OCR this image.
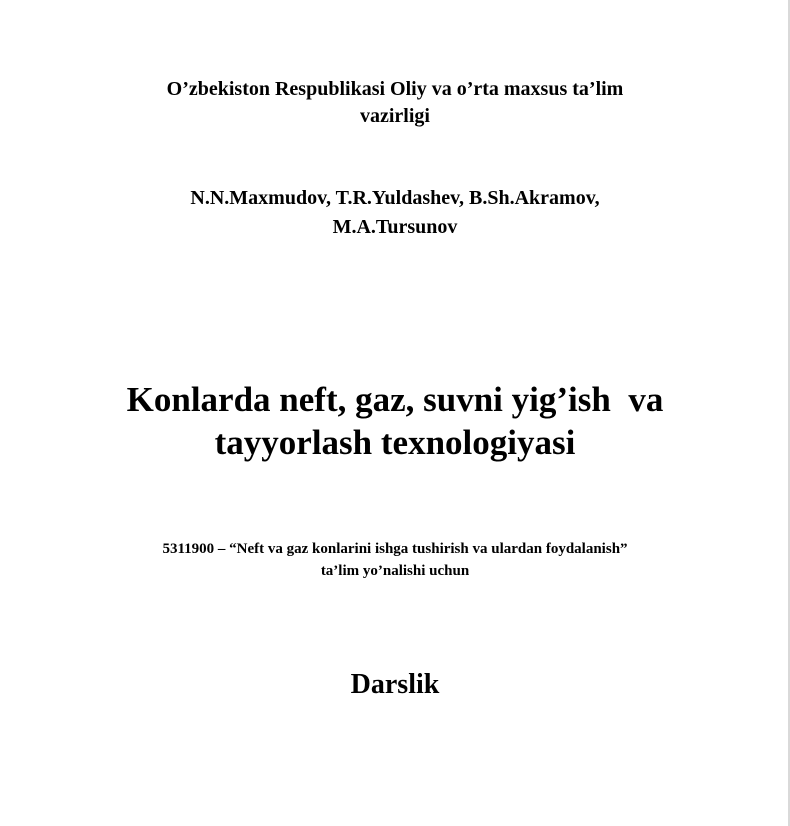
O’zbekiston Respublikasi Oliy va o’rta maxsus ta’lim
vazirligi
N.N.Maxmudov, T.R.Yuldashev, B.Sh.Akramov,
M.A.Tursunov
Konlarda neft, gaz, suvni yig’ish  va
tayyorlash texnologiyasi
5311900 – “Neft va gaz konlarini ishga tushirish va ulardan foydalanish”
ta’lim yo’nalishi uchun
Darslik
